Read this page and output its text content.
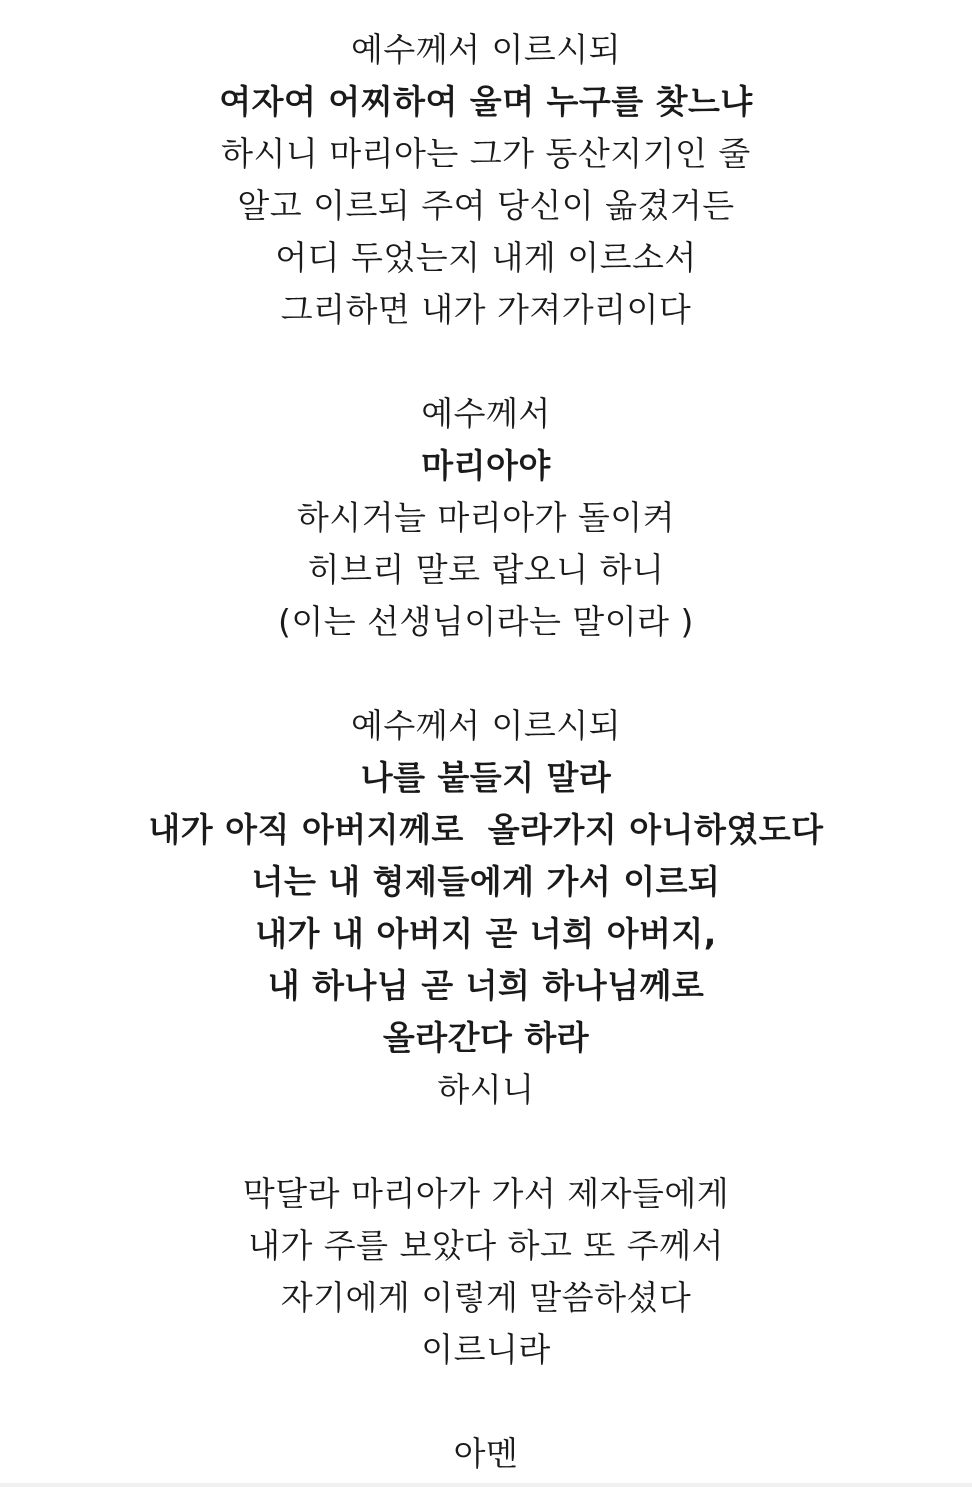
예수께서 이르시되
여자여 어찌하여 울며 누구를 찾느냐
하시니 마리아는 그가 동산지기인 줄
알고 이르되 주여 당신이 옮겼거든
어디 두었는지 내게 이르소서
그리하면 내가 가져가리이다
예수께서
마리아야
하시거늘 마리아가 돌이켜
히브리 말로 랍오니 하니
(이는 선생님이라는 말이라 )
예수께서 이르시되
나를 붙들지 말라
내가 아직 아버지께로  올라가지 아니하였도다
너는 내 형제들에게 가서 이르되
내가 내 아버지 곧 너희 아버지,
내 하나님 곧 너희 하나님께로
올라간다 하라
하시니
막달라 마리아가 가서 제자들에게
내가 주를 보았다 하고 또 주께서
자기에게 이렇게 말씀하셨다
이르니라
아멘
